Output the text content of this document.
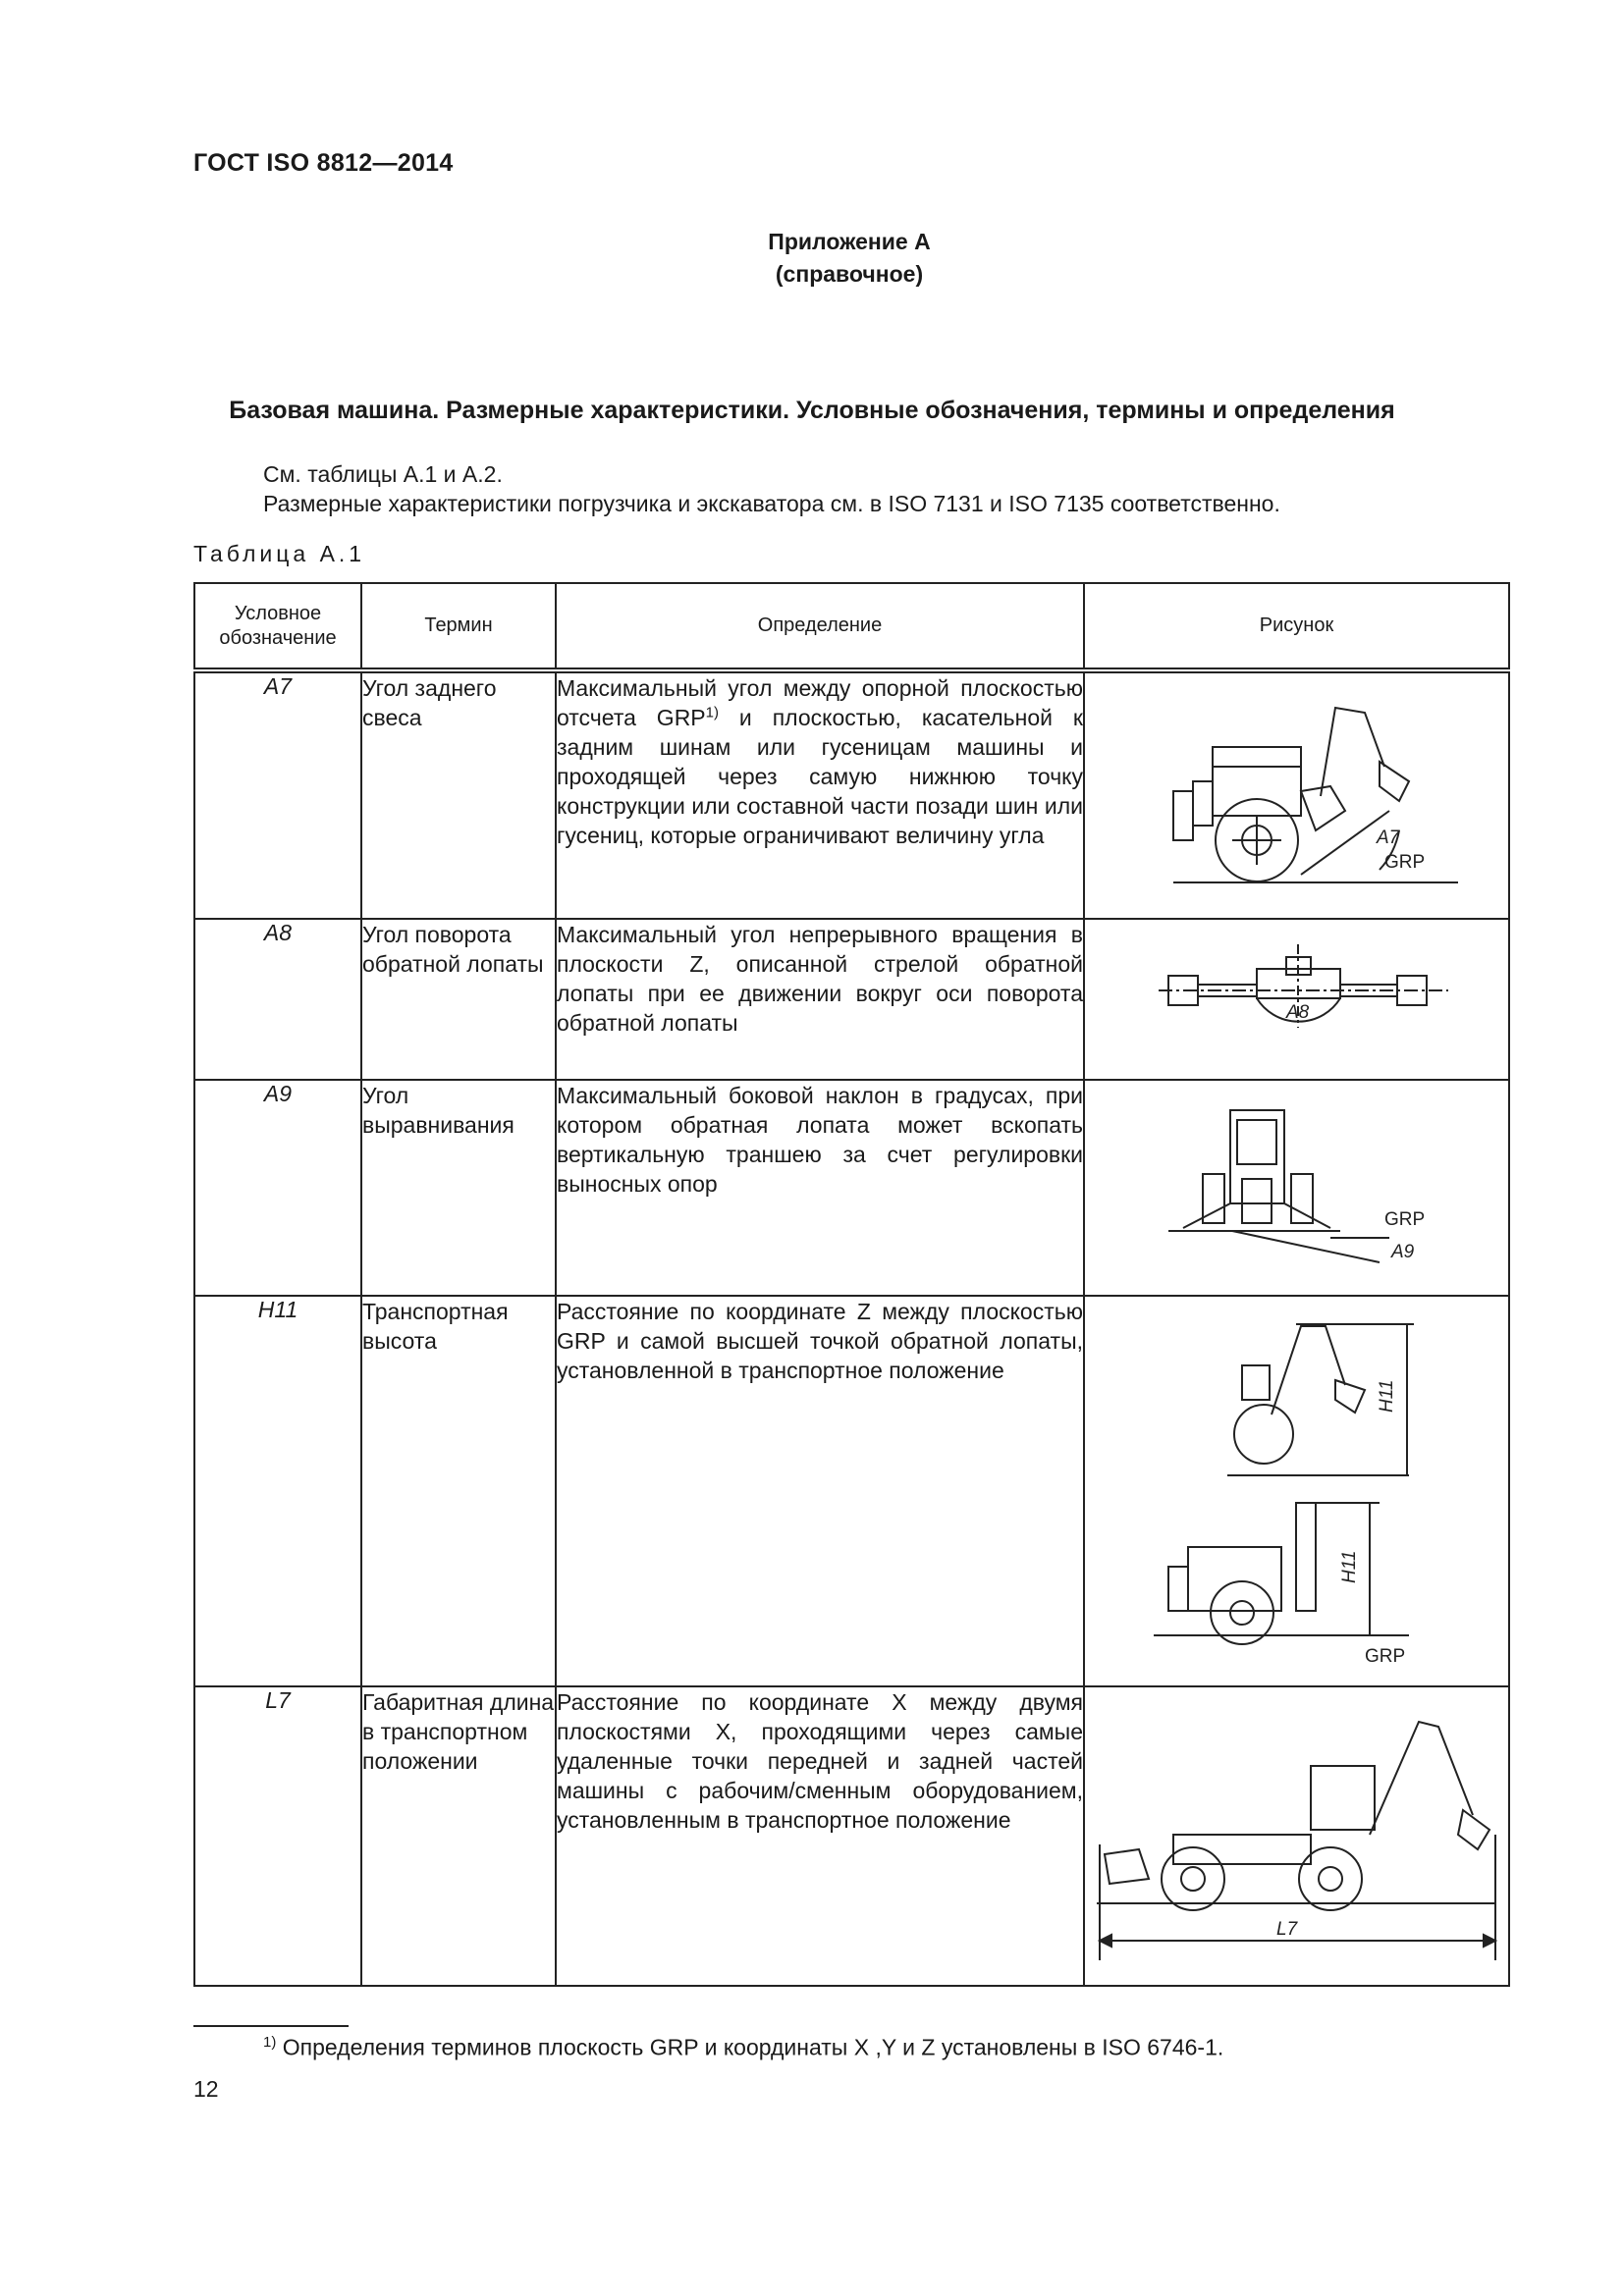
ГОСТ ISO 8812—2014
Приложение А
(справочное)
Базовая машина. Размерные характеристики. Условные обозначения, термины и определения
См. таблицы А.1 и А.2.
Размерные характеристики погрузчика и экскаватора см. в ISO 7131 и ISO 7135 соответственно.
Таблица А.1
Условное обозначение	Термин	Определение	Рисунок
A7	Угол заднего свеса	Максимальный угол между опорной плоскостью отсчета GRP$^{1)}$ и плоскостью, касательной к задним шинам или гусеницам машины и проходящей через самую нижнюю точку конструкции или составной части позади шин или гусениц, которые ограничивают величину угла	A7
GRP

A8	Угол поворота обратной лопаты	Максимальный угол непрерывного вращения в плоскости Z, описанной стрелой обратной лопаты при ее движении вокруг оси поворота обратной лопаты	A8

A9	Угол выравнивания	Максимальный боковой наклон в градусах, при котором обратная лопата может вскопать вертикальную траншею за счет регулировки выносных опор	GRP
A9

H11	Транспортная высота	Расстояние по координате Z между плоскостью GRP и самой высшей точкой обратной лопаты, установленной в транспортное положение	H11
H11
GRP

L7	Габаритная длина в транспортном положении	Расстояние по координате X между двумя плоскостями X, проходящими через самые удаленные точки передней и задней частей машины с рабочим/сменным оборудованием, установленным в транспортное положение	L7
$^{1)}$ Определения терминов плоскость GRP и координаты X ,Y и Z установлены в ISO 6746-1.
12
